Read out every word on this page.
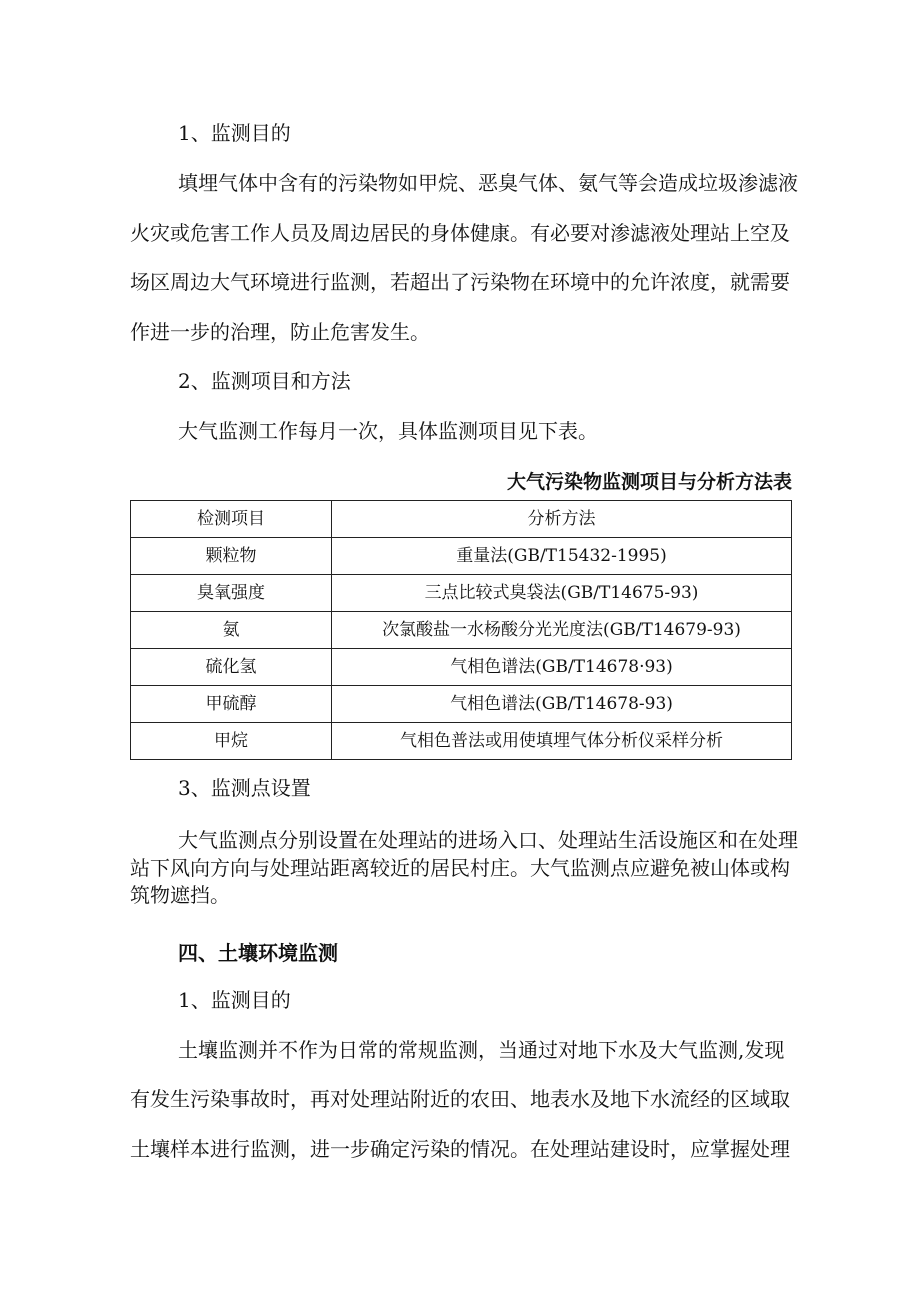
1、监测目的
填埋气体中含有的污染物如甲烷、恶臭气体、氨气等会造成垃圾渗滤液
火灾或危害工作人员及周边居民的身体健康。有必要对渗滤液处理站上空及
场区周边大气环境进行监测，若超出了污染物在环境中的允许浓度，就需要
作进一步的治理，防止危害发生。
2、监测项目和方法
大气监测工作每月一次，具体监测项目见下表。
大气污染物监测项目与分析方法表
检测项目	分析方法
颗粒物	重量法(GB/T15432-1995)
臭氧强度	三点比较式臭袋法(GB/T14675-93)
氨	次氯酸盐一水杨酸分光光度法(GB/T14679-93)
硫化氢	气相色谱法(GB/T14678·93)
甲硫醇	气相色谱法(GB/T14678-93)
甲烷	气相色普法或用使填埋气体分析仪采样分析
3、监测点设置
大气监测点分别设置在处理站的进场入口、处理站生活设施区和在处理
站下风向方向与处理站距离较近的居民村庄。大气监测点应避免被山体或构
筑物遮挡。
四、土壤环境监测
1、监测目的
土壤监测并不作为日常的常规监测，当通过对地下水及大气监测,发现
有发生污染事故时，再对处理站附近的农田、地表水及地下水流经的区域取
土壤样本进行监测，进一步确定污染的情况。在处理站建设时，应掌握处理
